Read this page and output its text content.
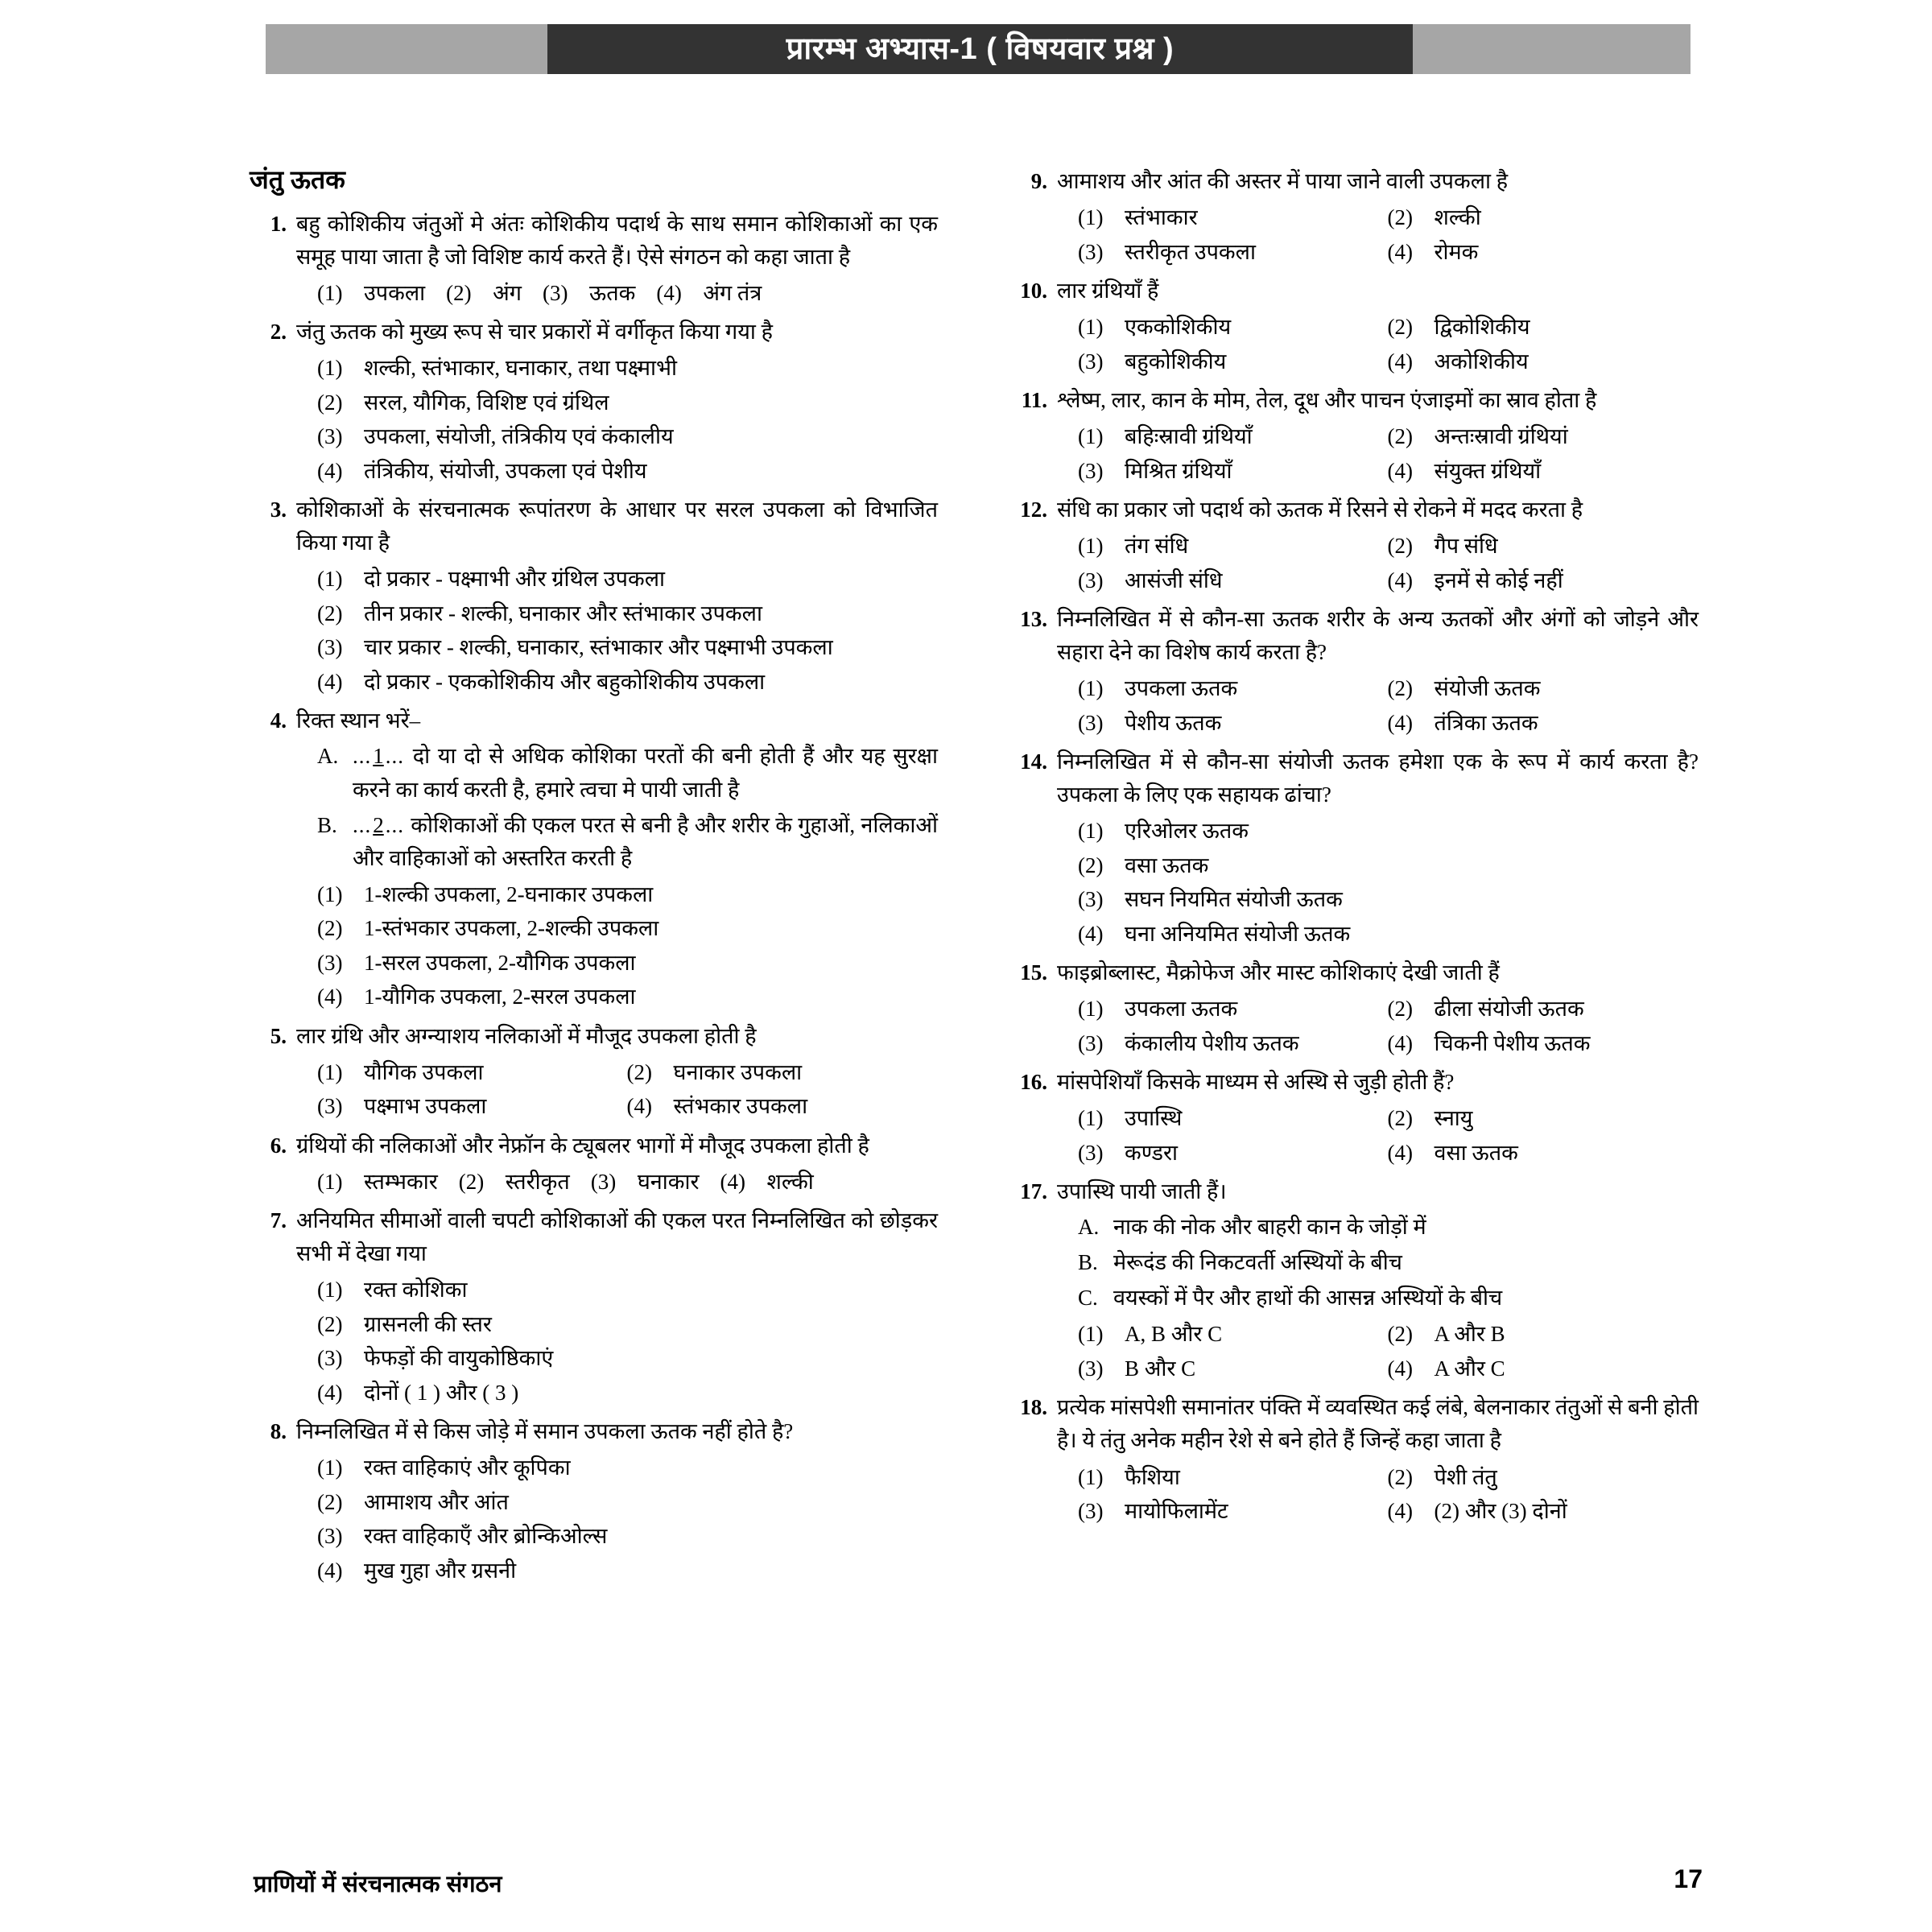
प्रारम्भ अभ्यास-1 ( विषयवार प्रश्न )
जंतु ऊतक
1. बहु कोशिकीय जंतुओं मे अंतः कोशिकीय पदार्थ के साथ समान कोशिकाओं का एक समूह पाया जाता है जो विशिष्ट कार्य करते हैं। ऐसे संगठन को कहा जाता है

(1) उपकला (2) अंग (3) ऊतक (4) अंग तंत्र
2. जंतु ऊतक को मुख्य रूप से चार प्रकारों में वर्गीकृत किया गया है

(1) शल्की, स्तंभाकार, घनाकार, तथा पक्ष्माभी
(2) सरल, यौगिक, विशिष्ट एवं ग्रंथिल
(3) उपकला, संयोजी, तंत्रिकीय एवं कंकालीय
(4) तंत्रिकीय, संयोजी, उपकला एवं पेशीय
3. कोशिकाओं के संरचनात्मक रूपांतरण के आधार पर सरल उपकला को विभाजित किया गया है

(1) दो प्रकार - पक्ष्माभी और ग्रंथिल उपकला
(2) तीन प्रकार - शल्की, घनाकार और स्तंभाकार उपकला
(3) चार प्रकार - शल्की, घनाकार, स्तंभाकार और पक्ष्माभी उपकला
(4) दो प्रकार - एककोशिकीय और बहुकोशिकीय उपकला
4. रिक्त स्थान भरें–

A. ...1... दो या दो से अधिक कोशिका परतों की बनी होती हैं और यह सुरक्षा करने का कार्य करती है, हमारे त्वचा मे पायी जाती है
B. ...2... कोशिकाओं की एकल परत से बनी है और शरीर के गुहाओं, नलिकाओं और वाहिकाओं को अस्तरित करती है
(1) 1-शल्की उपकला, 2-घनाकार उपकला
(2) 1-स्तंभकार उपकला, 2-शल्की उपकला
(3) 1-सरल उपकला, 2-यौगिक उपकला
(4) 1-यौगिक उपकला, 2-सरल उपकला
5. लार ग्रंथि और अग्न्याशय नलिकाओं में मौजूद उपकला होती है

(1) यौगिक उपकला	(2) घनाकार उपकला
(3) पक्ष्माभ उपकला	(4) स्तंभकार उपकला
6. ग्रंथियों की नलिकाओं और नेफ्रॉन के ट्यूबलर भागों में मौजूद उपकला होती है

(1) स्तम्भकार (2) स्तरीकृत (3) घनाकार (4) शल्की
7. अनियमित सीमाओं वाली चपटी कोशिकाओं की एकल परत निम्नलिखित को छोड़कर सभी में देखा गया

(1) रक्त कोशिका
(2) ग्रासनली की स्तर
(3) फेफड़ों की वायुकोष्ठिकाएं
(4) दोनों ( 1 ) और ( 3 )
8. निम्नलिखित में से किस जोड़े में समान उपकला ऊतक नहीं होते है?

(1) रक्त वाहिकाएं और कूपिका
(2) आमाशय और आंत
(3) रक्त वाहिकाएँ और ब्रोन्किओल्स
(4) मुख गुहा और ग्रसनी
9. आमाशय और आंत की अस्तर में पाया जाने वाली उपकला है

(1) स्तंभाकार	(2) शल्की
(3) स्तरीकृत उपकला	(4) रोमक
10. लार ग्रंथियाँ हैं

(1) एककोशिकीय	(2) द्विकोशिकीय
(3) बहुकोशिकीय	(4) अकोशिकीय
11. श्लेष्म, लार, कान के मोम, तेल, दूध और पाचन एंजाइमों का स्राव होता है

(1) बहिःस्रावी ग्रंथियाँ	(2) अन्तःस्रावी ग्रंथियां
(3) मिश्रित ग्रंथियाँ	(4) संयुक्त ग्रंथियाँ
12. संधि का प्रकार जो पदार्थ को ऊतक में रिसने से रोकने में मदद करता है

(1) तंग संधि	(2) गैप संधि
(3) आसंजी संधि	(4) इनमें से कोई नहीं
13. निम्नलिखित में से कौन-सा ऊतक शरीर के अन्य ऊतकों और अंगों को जोड़ने और सहारा देने का विशेष कार्य करता है?

(1) उपकला ऊतक	(2) संयोजी ऊतक
(3) पेशीय ऊतक	(4) तंत्रिका ऊतक
14. निम्नलिखित में से कौन-सा संयोजी ऊतक हमेशा एक के रूप में कार्य करता है? उपकला के लिए एक सहायक ढांचा?

(1) एरिओलर ऊतक
(2) वसा ऊतक
(3) सघन नियमित संयोजी ऊतक
(4) घना अनियमित संयोजी ऊतक
15. फाइब्रोब्लास्ट, मैक्रोफेज और मास्ट कोशिकाएं देखी जाती हैं

(1) उपकला ऊतक	(2) ढीला संयोजी ऊतक
(3) कंकालीय पेशीय ऊतक	(4) चिकनी पेशीय ऊतक
16. मांसपेशियाँ किसके माध्यम से अस्थि से जुड़ी होती हैं?

(1) उपास्थि	(2) स्नायु
(3) कण्डरा	(4) वसा ऊतक
17. उपास्थि पायी जाती हैं।

A. नाक की नोक और बाहरी कान के जोड़ों में
B. मेरूदंड की निकटवर्ती अस्थियों के बीच
C. वयस्कों में पैर और हाथों की आसन्न अस्थियों के बीच
(1) A, B और C	(2) A और B
(3) B और C	(4) A और C
18. प्रत्येक मांसपेशी समानांतर पंक्ति में व्यवस्थित कई लंबे, बेलनाकार तंतुओं से बनी होती है। ये तंतु अनेक महीन रेशे से बने होते हैं जिन्हें कहा जाता है

(1) फैशिया	(2) पेशी तंतु
(3) मायोफिलामेंट	(4) (2) और (3) दोनों
प्राणियों में संरचनात्मक संगठन	17
